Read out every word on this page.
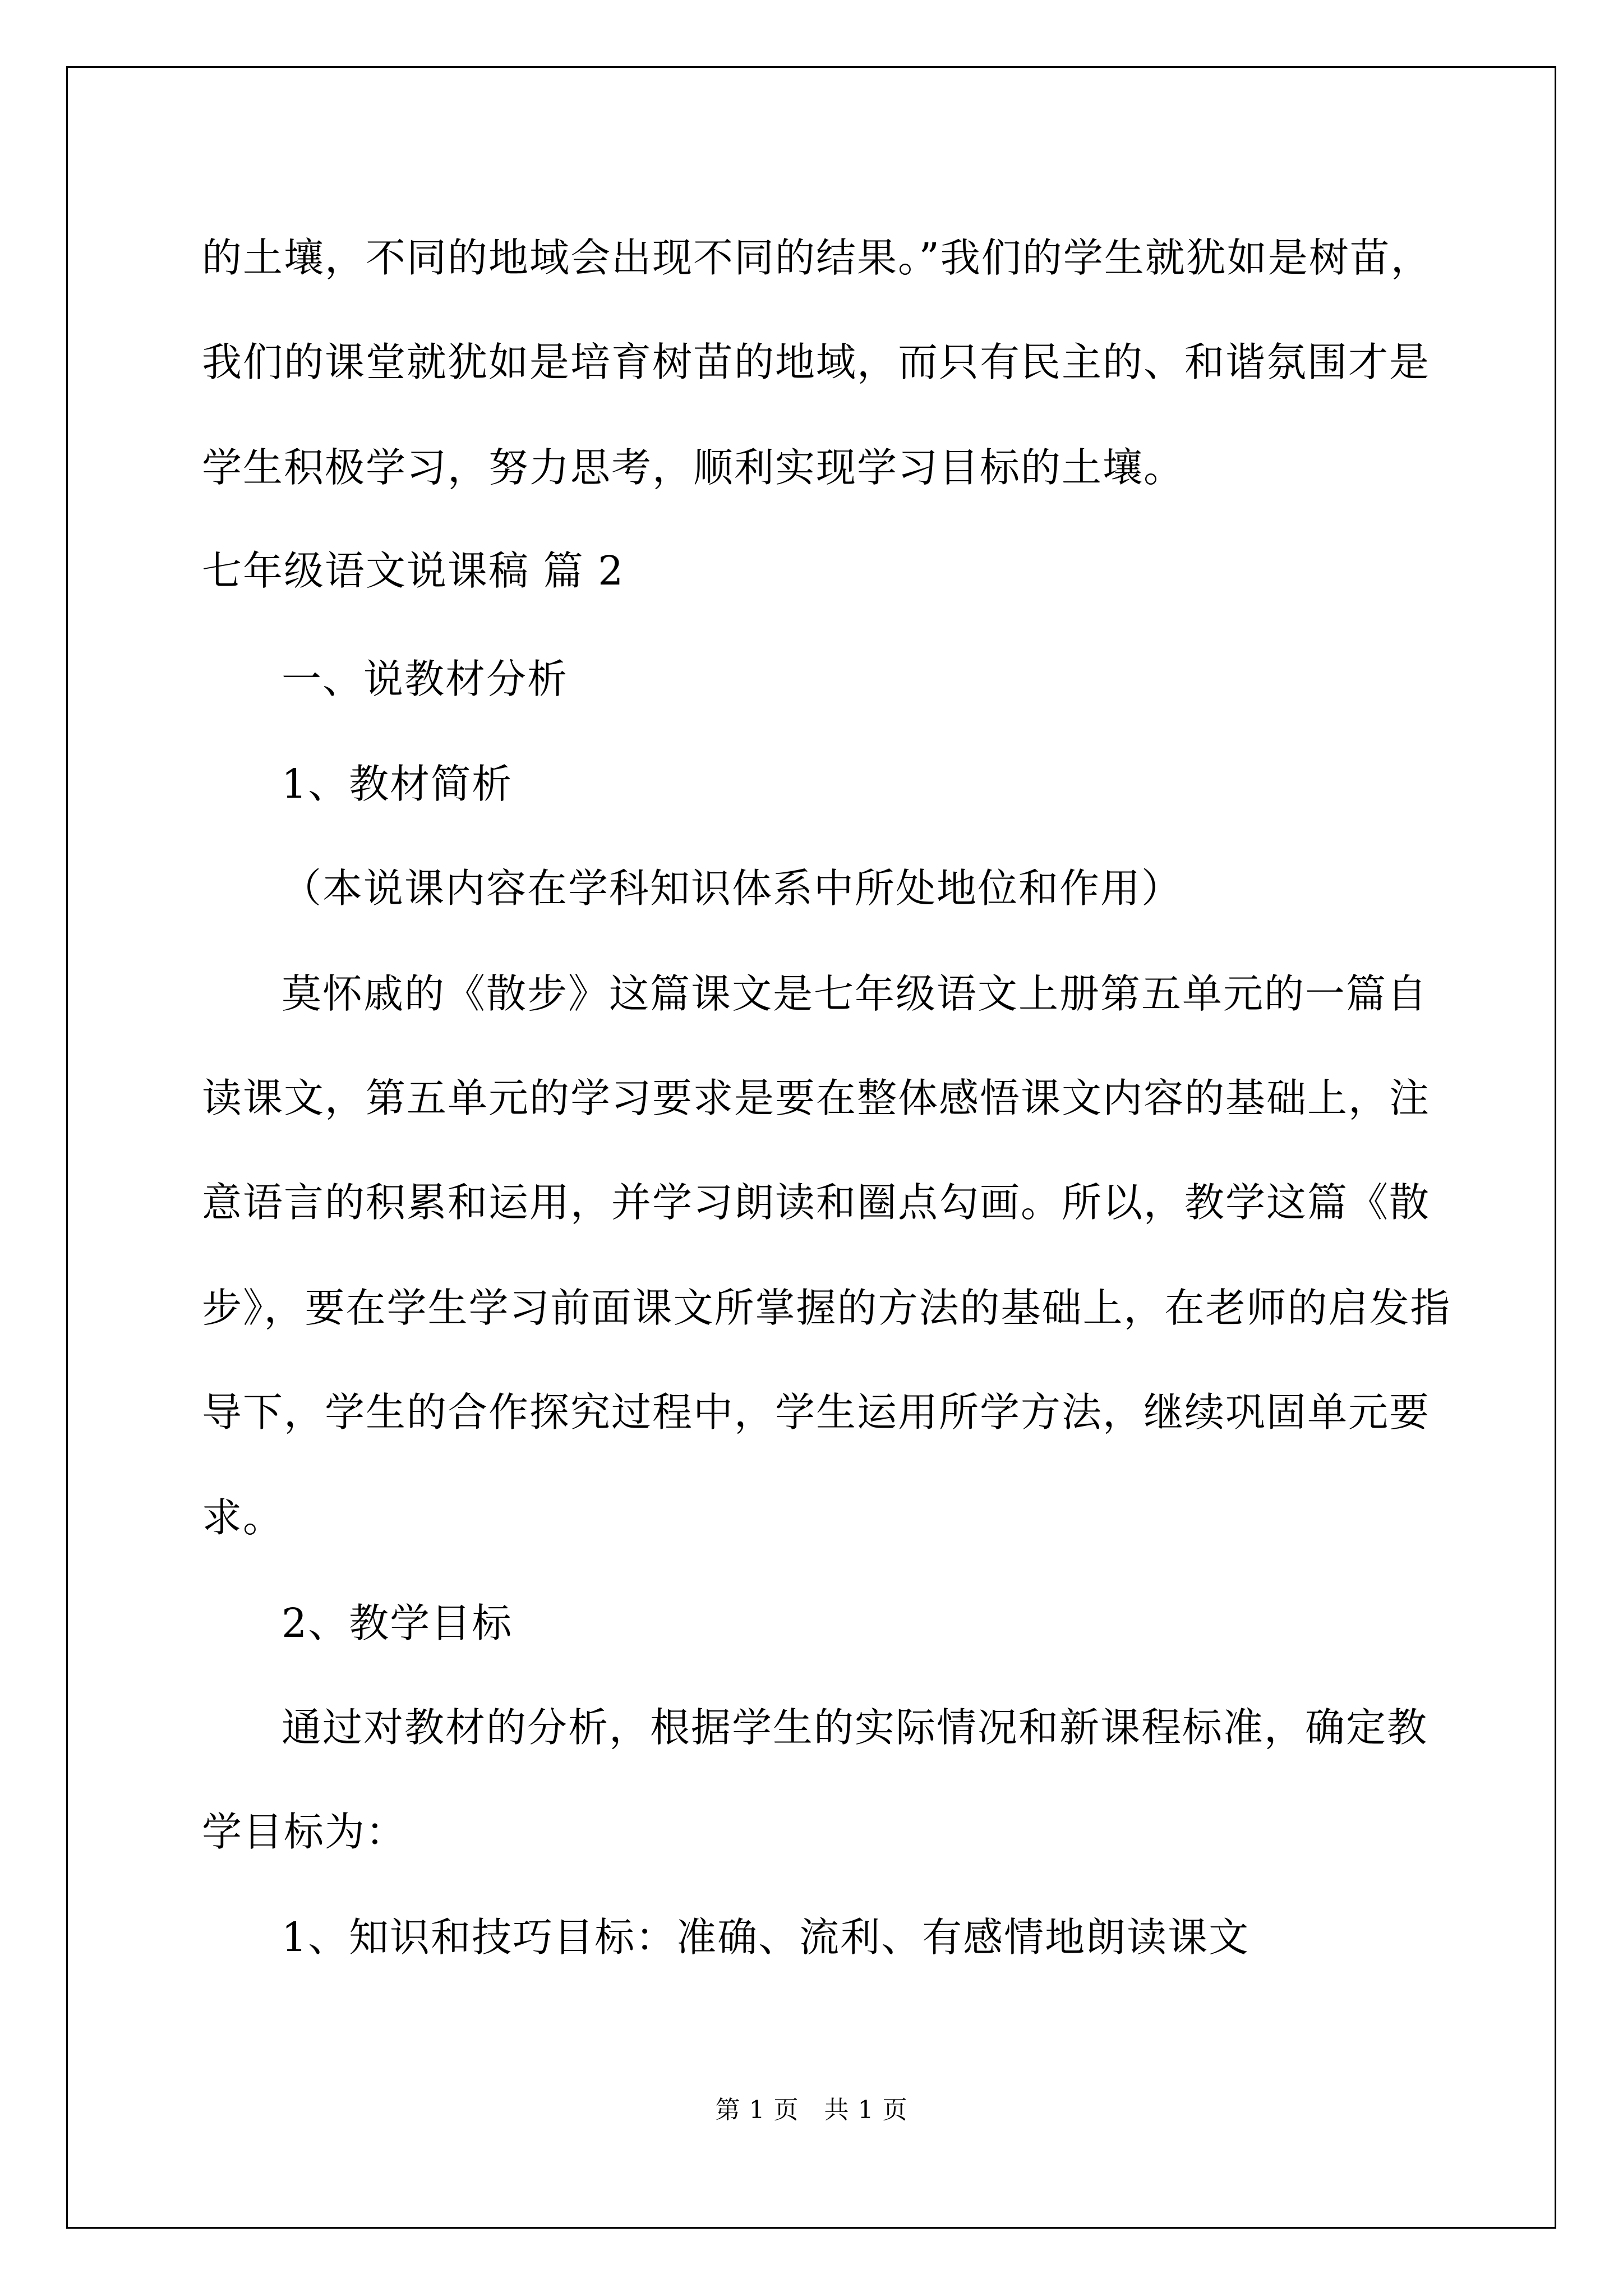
的土壤，不同的地域会出现不同的结果。”我们的学生就犹如是树苗，
我们的课堂就犹如是培育树苗的地域，而只有民主的、和谐氛围才是
学生积极学习，努力思考，顺利实现学习目标的土壤。
七年级语文说课稿 篇 2
一、说教材分析
1、教材简析
（本说课内容在学科知识体系中所处地位和作用）
莫怀戚的《散步》这篇课文是七年级语文上册第五单元的一篇自
读课文，第五单元的学习要求是要在整体感悟课文内容的基础上，注
意语言的积累和运用，并学习朗读和圈点勾画。所以，教学这篇《散
步》，要在学生学习前面课文所掌握的方法的基础上，在老师的启发指
导下，学生的合作探究过程中，学生运用所学方法，继续巩固单元要
求。
2、教学目标
通过对教材的分析，根据学生的实际情况和新课程标准，确定教
学目标为：
1、知识和技巧目标：准确、流利、有感情地朗读课文
第 1 页　共 1 页
